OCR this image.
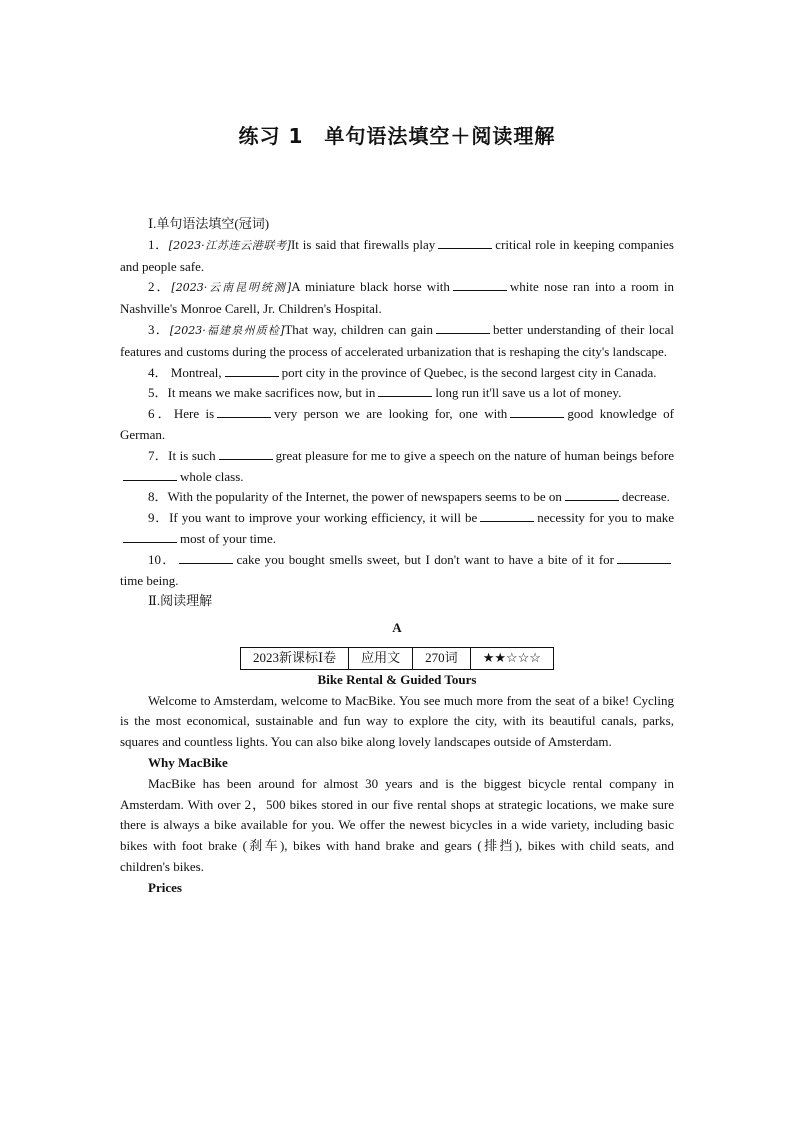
练习 1　单句语法填空＋阅读理解

Ⅰ.单句语法填空(冠词)

1．[2023·江苏连云港联考]It is said that firewalls play	critical role in keeping companies and people safe.

2．[2023·云南昆明统测]A miniature black horse with	white nose ran into a room in Nashville's Monroe Carell, Jr. Children's Hospital.

3．[2023·福建泉州质检]That way, children can gain	better understanding of their local features and customs during the process of accelerated urbanization that is reshaping the city's landscape.

4． Montreal,	port city in the province of Quebec, is the second largest city in Canada.

5．It means we make sacrifices now, but in	long run it'll save us a lot of money.

6．Here is	very person we are looking for, one with	good knowledge of German.

7．It is such	great pleasure for me to give a speech on the nature of human beings beforewhole class.

8．With the popularity of the Internet, the power of newspapers seems to be on	decrease.

9．If you want to improve your working efficiency, it will be	necessity for you to makemost of your time.

10．	cake you bought smells sweet, but I don't want to have a bite of it fortime being.

Ⅱ.阅读理解

A

2023新课标Ⅰ卷	应用文	270词	★★☆☆☆

Bike Rental & Guided Tours

Welcome to Amsterdam, welcome to MacBike. You see much more from the seat of a bike! Cycling is the most economical, sustainable and fun way to explore the city, with its beautiful canals, parks, squares and countless lights. You can also bike along lovely landscapes outside of Amsterdam.

Why MacBike

MacBike has been around for almost 30 years and is the biggest bicycle rental company in Amsterdam. With over 2，500 bikes stored in our five rental shops at strategic locations, we make sure there is always a bike available for you. We offer the newest bicycles in a wide variety, including basic bikes with foot brake (刹车), bikes with hand brake and gears (排挡), bikes with child seats, and children's bikes.

Prices
